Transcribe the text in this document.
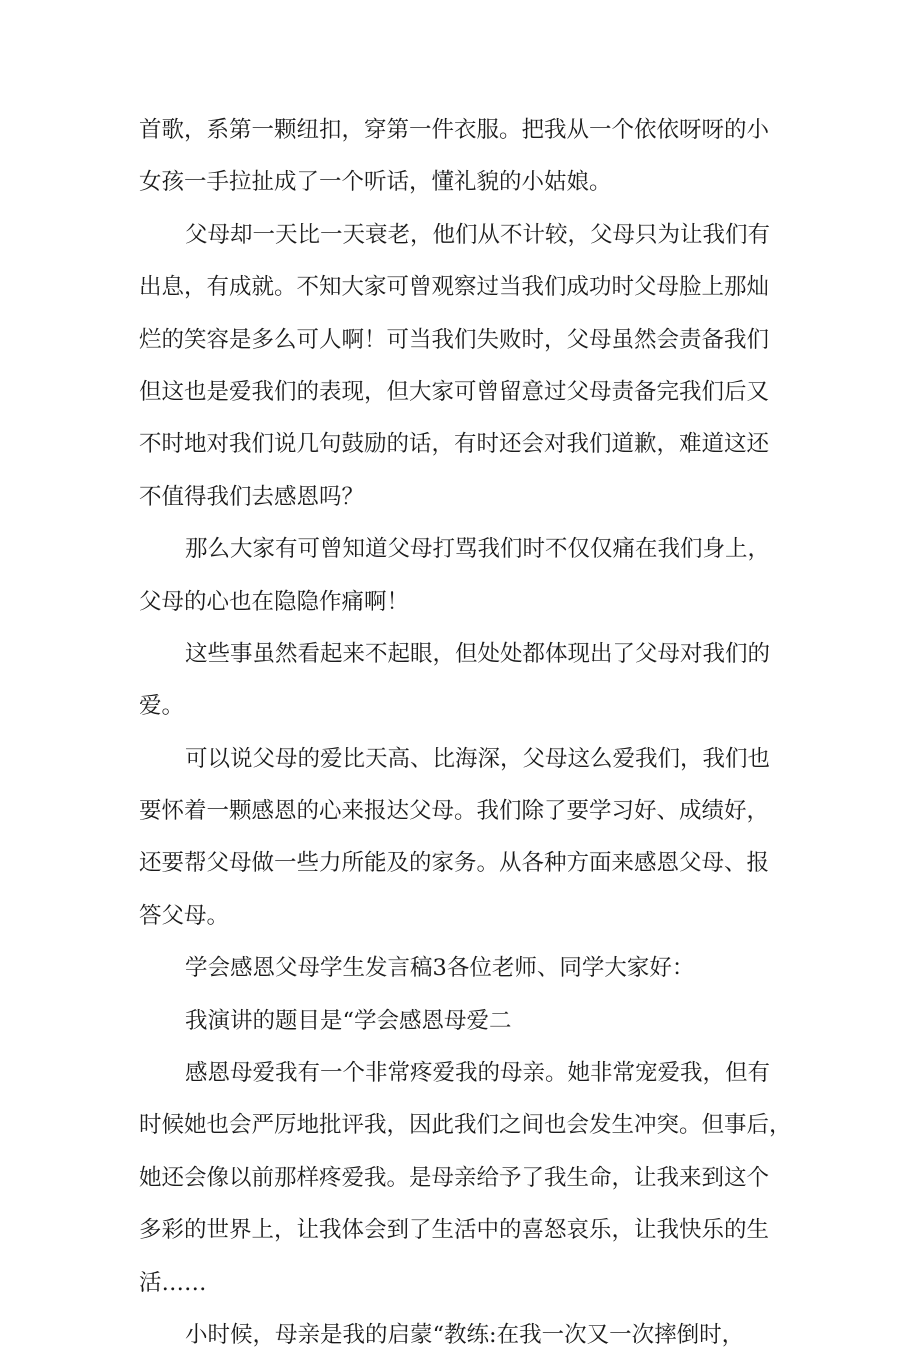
首歌，系第一颗纽扣，穿第一件衣服。把我从一个依依呀呀的小
女孩一手拉扯成了一个听话，懂礼貌的小姑娘。
父母却一天比一天衰老，他们从不计较，父母只为让我们有
出息，有成就。不知大家可曾观察过当我们成功时父母脸上那灿
烂的笑容是多么可人啊！可当我们失败时，父母虽然会责备我们
但这也是爱我们的表现，但大家可曾留意过父母责备完我们后又
不时地对我们说几句鼓励的话，有时还会对我们道歉，难道这还
不值得我们去感恩吗？
那么大家有可曾知道父母打骂我们时不仅仅痛在我们身上，
父母的心也在隐隐作痛啊！
这些事虽然看起来不起眼，但处处都体现出了父母对我们的
爱。
可以说父母的爱比天高、比海深，父母这么爱我们，我们也
要怀着一颗感恩的心来报达父母。我们除了要学习好、成绩好，
还要帮父母做一些力所能及的家务。从各种方面来感恩父母、报
答父母。
学会感恩父母学生发言稿3各位老师、同学大家好：
我演讲的题目是“学会感恩母爱二
感恩母爱我有一个非常疼爱我的母亲。她非常宠爱我，但有
时候她也会严厉地批评我，因此我们之间也会发生冲突。但事后，
她还会像以前那样疼爱我。是母亲给予了我生命，让我来到这个
多彩的世界上，让我体会到了生活中的喜怒哀乐，让我快乐的生
活……
小时候，母亲是我的启蒙“教练:在我一次又一次摔倒时，
